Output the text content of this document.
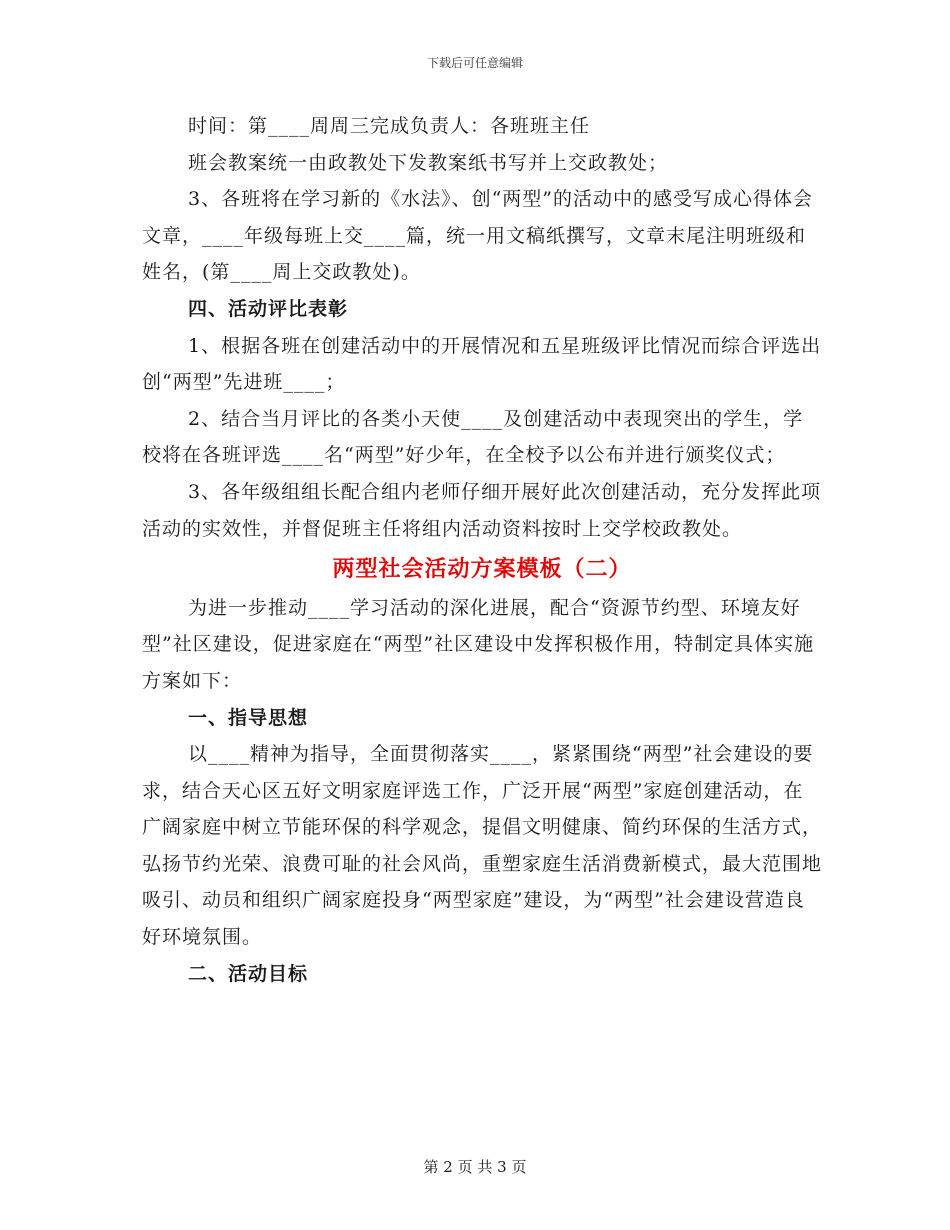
下载后可任意编辑

时间：第____周周三完成负责人：各班班主任

班会教案统一由政教处下发教案纸书写并上交政教处；

3、各班将在学习新的《水法》、创“两型”的活动中的感受写成心得体会文章，____年级每班上交____篇，统一用文稿纸撰写，文章末尾注明班级和姓名，(第____周上交政教处)。

四、活动评比表彰

1、根据各班在创建活动中的开展情况和五星班级评比情况而综合评选出创“两型”先进班____；

2、结合当月评比的各类小天使____及创建活动中表现突出的学生，学校将在各班评选____名“两型”好少年，在全校予以公布并进行颁奖仪式；

3、各年级组组长配合组内老师仔细开展好此次创建活动，充分发挥此项活动的实效性，并督促班主任将组内活动资料按时上交学校政教处。

两型社会活动方案模板（二）

为进一步推动____学习活动的深化进展，配合“资源节约型、环境友好型”社区建设，促进家庭在“两型”社区建设中发挥积极作用，特制定具体实施方案如下：

一、指导思想

以____精神为指导，全面贯彻落实____，紧紧围绕“两型”社会建设的要求，结合天心区五好文明家庭评选工作，广泛开展“两型”家庭创建活动，在广阔家庭中树立节能环保的科学观念，提倡文明健康、简约环保的生活方式，弘扬节约光荣、浪费可耻的社会风尚，重塑家庭生活消费新模式，最大范围地吸引、动员和组织广阔家庭投身“两型家庭”建设，为“两型”社会建设营造良好环境氛围。

二、活动目标

第 2 页 共 3 页
